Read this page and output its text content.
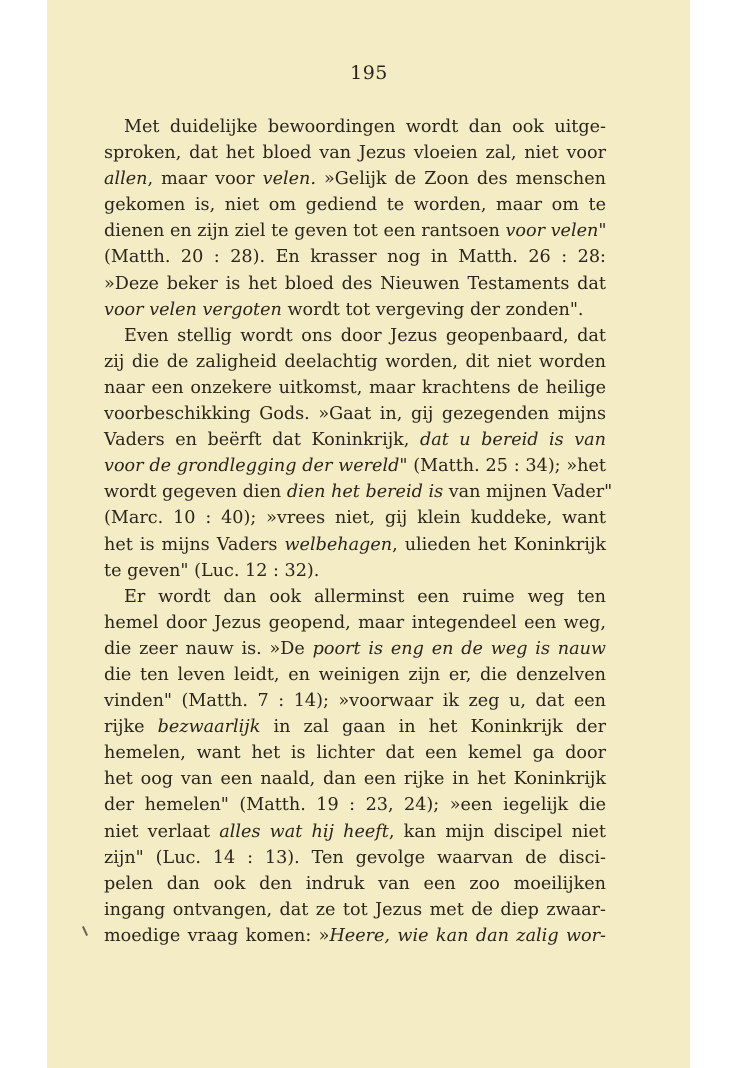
195
Met duidelijke bewoordingen wordt dan ook uitge-
sproken, dat het bloed van Jezus vloeien zal, niet voor
allen, maar voor velen. »Gelijk de Zoon des menschen
gekomen is, niet om gediend te worden, maar om te
dienen en zijn ziel te geven tot een rantsoen voor velen"
(Matth. 20 : 28). En krasser nog in Matth. 26 : 28:
»Deze beker is het bloed des Nieuwen Testaments dat
voor velen vergoten wordt tot vergeving der zonden".
Even stellig wordt ons door Jezus geopenbaard, dat
zij die de zaligheid deelachtig worden, dit niet worden
naar een onzekere uitkomst, maar krachtens de heilige
voorbeschikking Gods. »Gaat in, gij gezegenden mijns
Vaders en beërft dat Koninkrijk, dat u bereid is van
voor de grondlegging der wereld" (Matth. 25 : 34); »het
wordt gegeven dien dien het bereid is van mijnen Vader"
(Marc. 10 : 40); »vrees niet, gij klein kuddeke, want
het is mijns Vaders welbehagen, ulieden het Koninkrijk
te geven" (Luc. 12 : 32).
Er wordt dan ook allerminst een ruime weg ten
hemel door Jezus geopend, maar integendeel een weg,
die zeer nauw is. »De poort is eng en de weg is nauw
die ten leven leidt, en weinigen zijn er, die denzelven
vinden" (Matth. 7 : 14); »voorwaar ik zeg u, dat een
rijke bezwaarlijk in zal gaan in het Koninkrijk der
hemelen, want het is lichter dat een kemel ga door
het oog van een naald, dan een rijke in het Koninkrijk
der hemelen" (Matth. 19 : 23, 24); »een iegelijk die
niet verlaat alles wat hij heeft, kan mijn discipel niet
zijn" (Luc. 14 : 13). Ten gevolge waarvan de disci-
pelen dan ook den indruk van een zoo moeilijken
ingang ontvangen, dat ze tot Jezus met de diep zwaar-
moedige vraag komen: »Heere, wie kan dan zalig wor-
